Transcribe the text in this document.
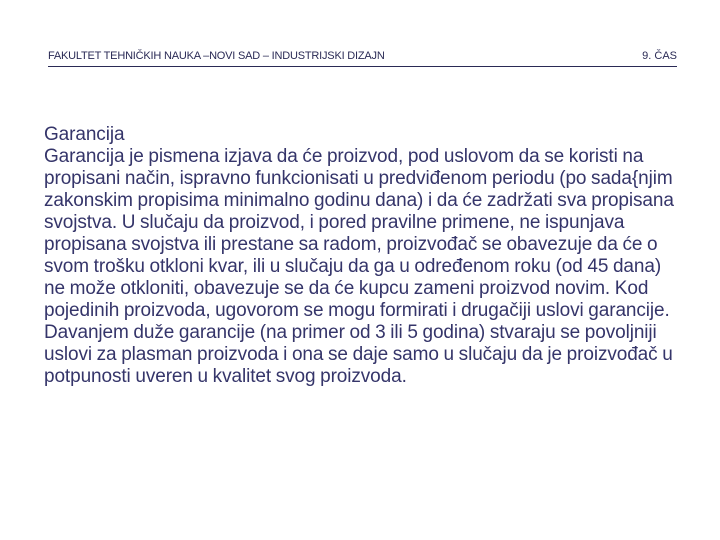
FAKULTET TEHNIČKIH NAUKA –NOVI SAD – INDUSTRIJSKI DIZAJN	9. ČAS
Garancija

Garancija je pismena izjava da će proizvod, pod uslovom da se koristi na propisani način, ispravno funkcionisati u predviđenom periodu (po sada{njim zakonskim propisima minimalno godinu dana) i da će zadržati sva propisana svojstva. U slučaju da proizvod, i pored pravilne primene, ne ispunjava propisana svojstva ili prestane sa radom, proizvođač se obavezuje da će o svom trošku otkloni kvar, ili u slučaju da ga u određenom roku (od 45 dana) ne može otkloniti, obavezuje se da će kupcu zameni proizvod novim. Kod pojedinih proizvoda, ugovorom se mogu formirati i drugačiji uslovi garancije. Davanjem duže garancije (na primer od 3 ili 5 godina) stvaraju se povoljniji uslovi za plasman proizvoda i ona se daje samo u slučaju da je proizvođač u potpunosti uveren u kvalitet svog proizvoda.
